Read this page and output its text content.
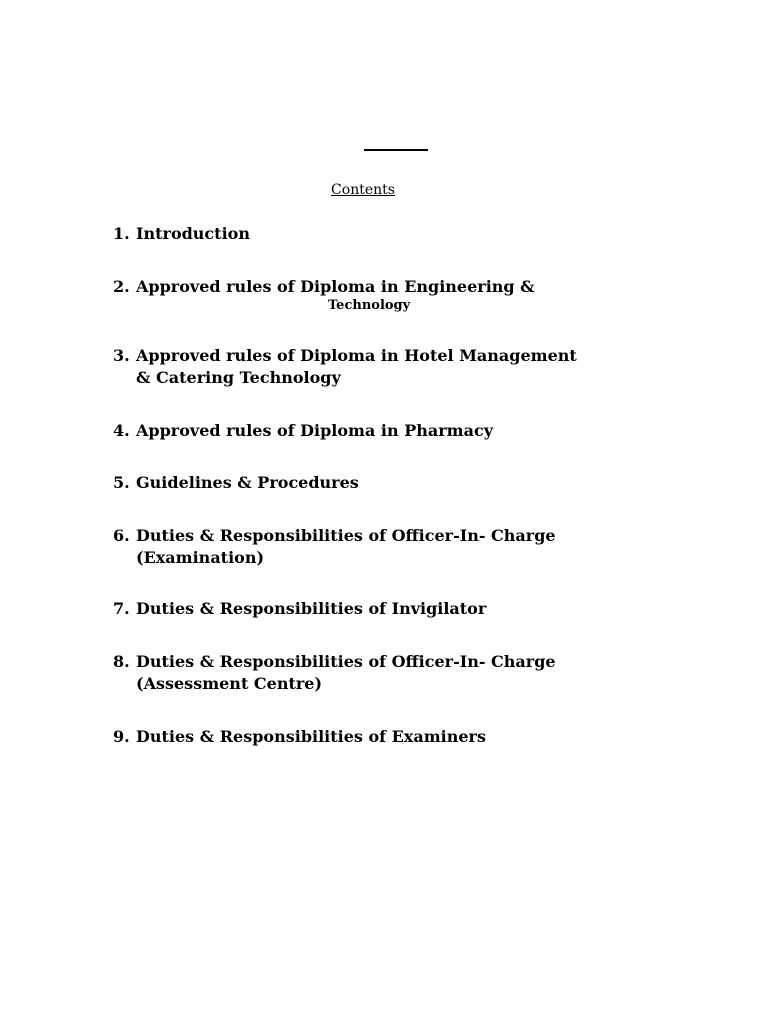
Contents
1. Introduction
2. Approved rules of Diploma in Engineering &
Technology
3. Approved rules of Diploma in Hotel Management
& Catering Technology
4. Approved rules of Diploma in Pharmacy
5. Guidelines & Procedures
6. Duties & Responsibilities of Officer-In- Charge
(Examination)
7. Duties & Responsibilities of Invigilator
8. Duties & Responsibilities of Officer-In- Charge
(Assessment Centre)
9. Duties & Responsibilities of Examiners
